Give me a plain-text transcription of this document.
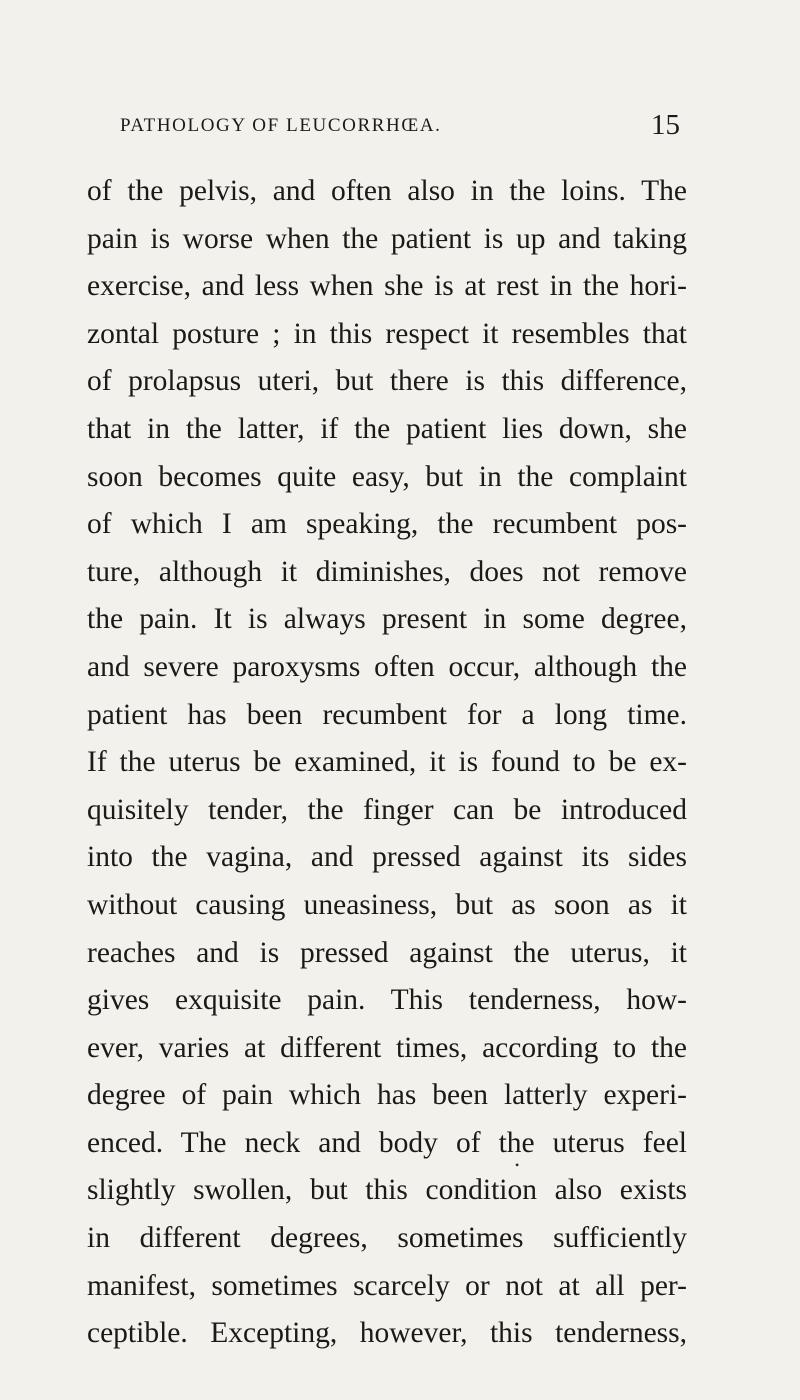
PATHOLOGY OF LEUCORRHŒA.	15
of the pelvis, and often also in the loins. The
pain is worse when the patient is up and taking
exercise, and less when she is at rest in the hori-
zontal posture ; in this respect it resembles that
of prolapsus uteri, but there is this difference,
that in the latter, if the patient lies down, she
soon becomes quite easy, but in the complaint
of which I am speaking, the recumbent pos-
ture, although it diminishes, does not remove
the pain. It is always present in some degree,
and severe paroxysms often occur, although the
patient has been recumbent for a long time.
If the uterus be examined, it is found to be ex-
quisitely tender, the finger can be introduced
into the vagina, and pressed against its sides
without causing uneasiness, but as soon as it
reaches and is pressed against the uterus, it
gives exquisite pain. This tenderness, how-
ever, varies at different times, according to the
degree of pain which has been latterly experi-
enced. The neck and body of the uterus feel
slightly swollen, but this condition also exists
in different degrees, sometimes sufficiently
manifest, sometimes scarcely or not at all per-
ceptible. Excepting, however, this tenderness,
•
